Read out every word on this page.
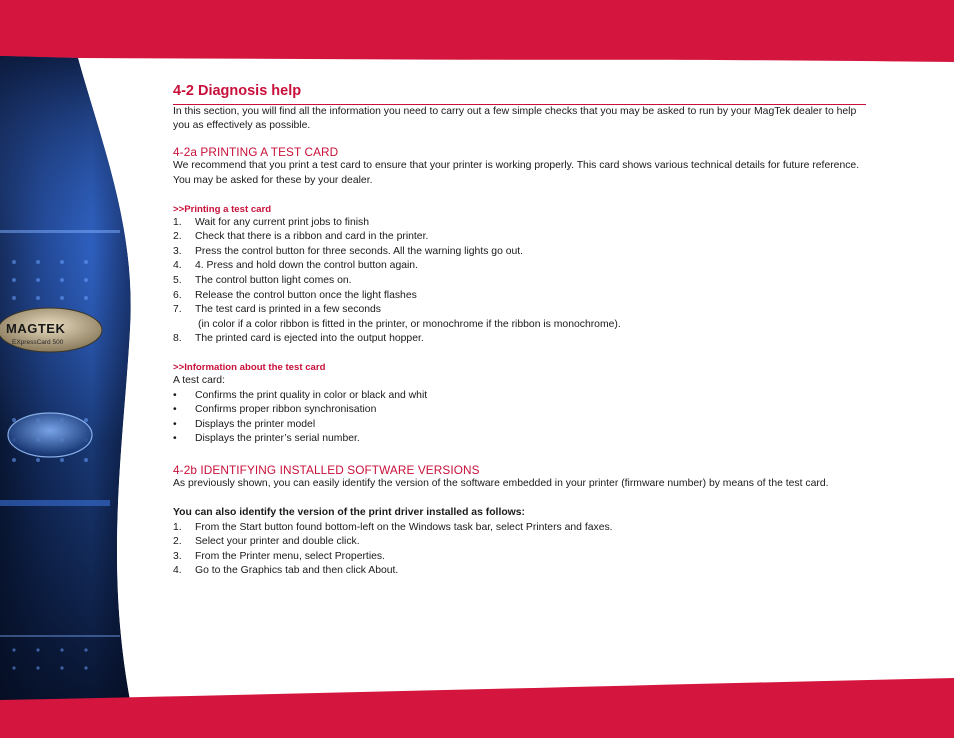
MAGTEK
EXpressCard 500
4-2 Diagnosis help

In this section, you will find all the information you need to carry out a few simple checks that you may be asked to run by your MagTek dealer to help you as effectively as possible.

4-2a PRINTING A TEST CARD

We recommend that you print a test card to ensure that your printer is working properly. This card shows various technical details for future reference. You may be asked for these by your dealer.

>>Printing a test card
1.	Wait for any current print jobs to finish
2.	Check that there is a ribbon and card in the printer.
3.	Press the control button for three seconds. All the warning lights go out.
4.	4. Press and hold down the control button again.
5.	The control button light comes on.
6.	Release the control button once the light flashes
7.	The test card is printed in a few seconds
(in color if a color ribbon is fitted in the printer, or monochrome if the ribbon is monochrome).
8.	The printed card is ejected into the output hopper.
>>Information about the test card

A test card:

•	Confirms the print quality in color or black and whit
•	Confirms proper ribbon synchronisation
•	Displays the printer model
•	Displays the printer’s serial number.
4-2b IDENTIFYING INSTALLED SOFTWARE VERSIONS

As previously shown, you can easily identify the version of the software embedded in your printer (firmware number) by means of the test card.

You can also identify the version of the print driver installed as follows:

1.	From the Start button found bottom-left on the Windows task bar, select Printers and faxes.
2.	Select your printer and double click.
3.	From the Printer menu, select Properties.
4.	Go to the Graphics tab and then click About.
